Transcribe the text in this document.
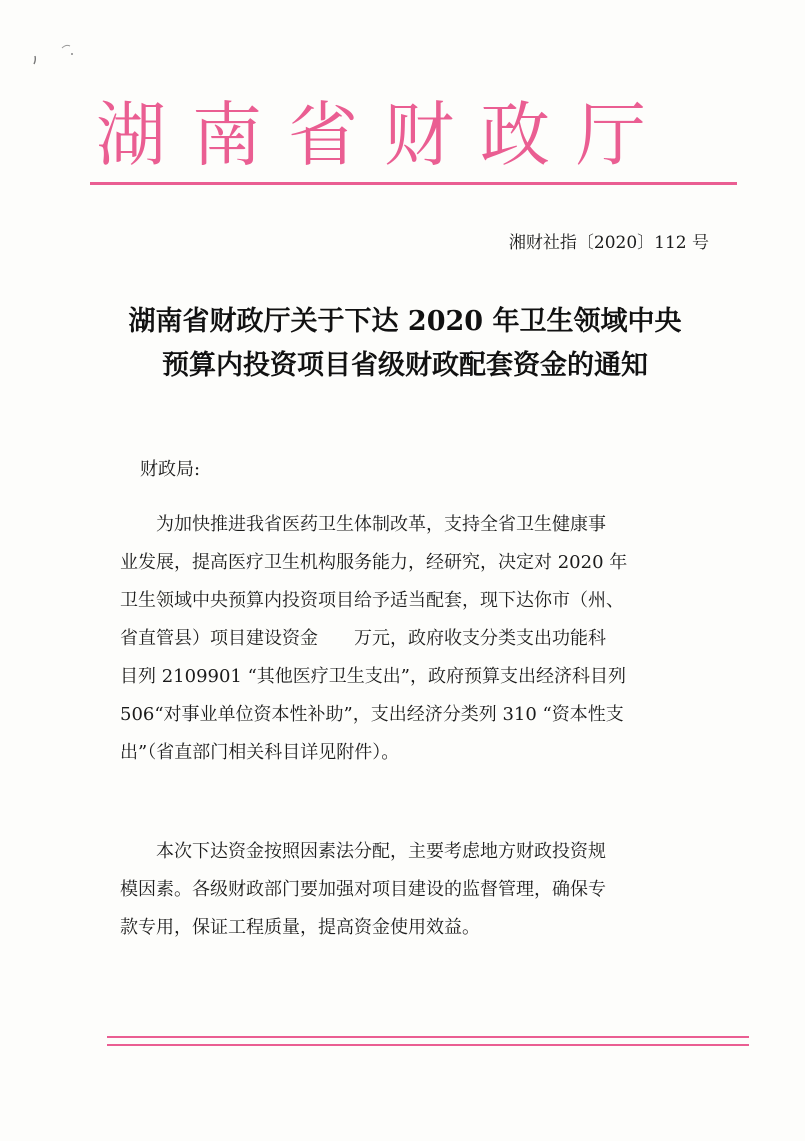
湖南省财政厅
湘财社指〔2020〕112 号
湖南省财政厅关于下达 2020 年卫生领域中央
预算内投资项目省级财政配套资金的通知
财政局:
为加快推进我省医药卫生体制改革，支持全省卫生健康事
业发展，提高医疗卫生机构服务能力，经研究，决定对 2020 年
卫生领域中央预算内投资项目给予适当配套，现下达你市（州、
省直管县）项目建设资金　　万元，政府收支分类支出功能科
目列 2109901 “其他医疗卫生支出”，政府预算支出经济科目列
506“对事业单位资本性补助”，支出经济分类列 310 “资本性支
出”（省直部门相关科目详见附件）。
本次下达资金按照因素法分配，主要考虑地方财政投资规
模因素。各级财政部门要加强对项目建设的监督管理，确保专
款专用，保证工程质量，提高资金使用效益。
